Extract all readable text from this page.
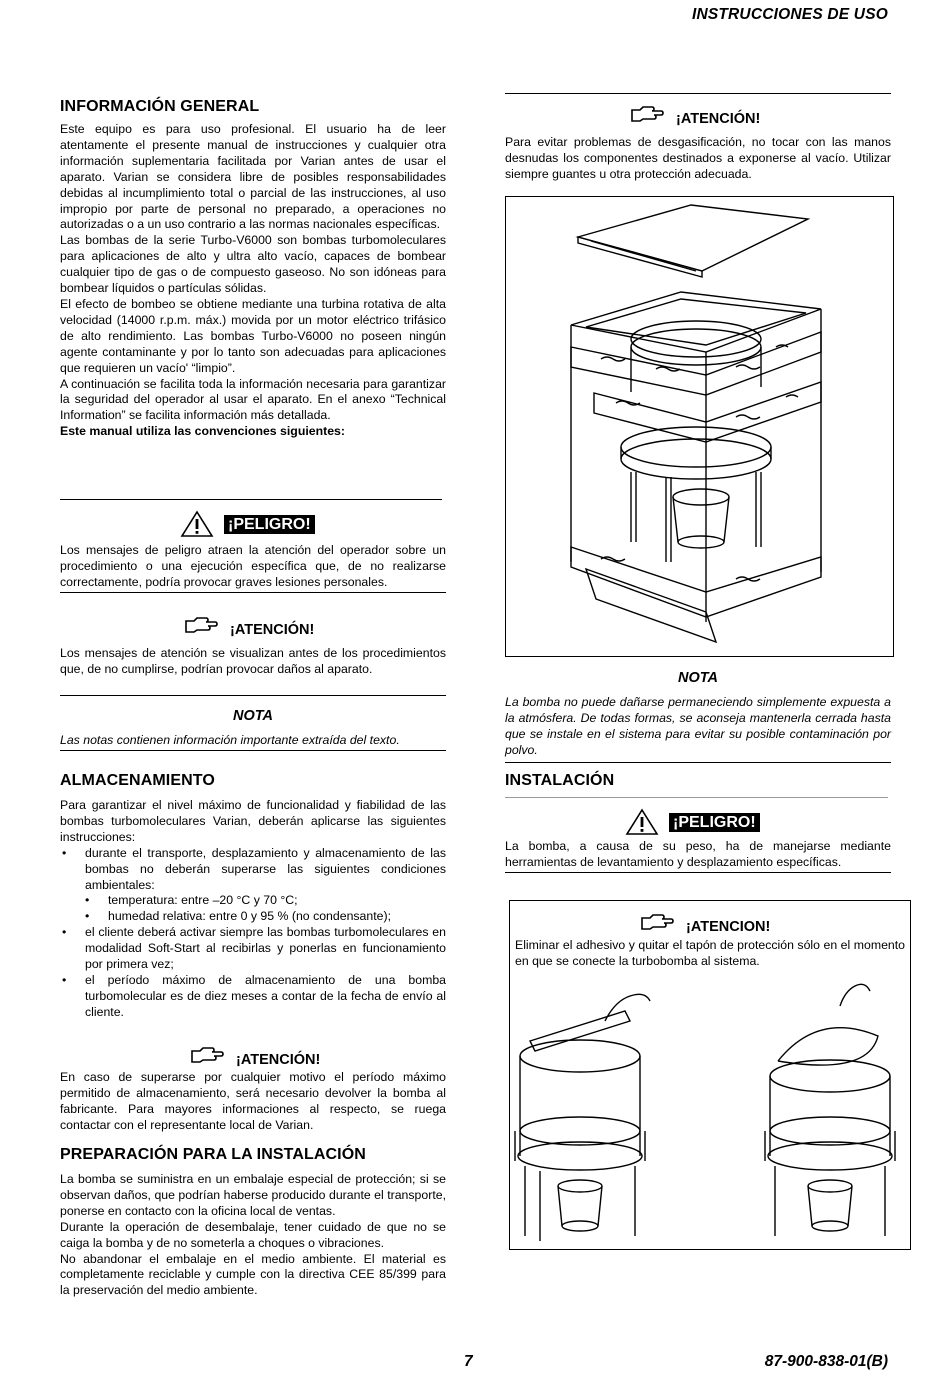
INSTRUCCIONES DE USO
INFORMACIÓN GENERAL

Este equipo es para uso profesional. El usuario ha de leer atentamente el presente manual de instrucciones y cualquier otra información suplementaria facilitada por Varian antes de usar el aparato. Varian se considera libre de posibles responsabilidades debidas al incumplimiento total o parcial de las instrucciones, al uso impropio por parte de personal no preparado, a operaciones no autorizadas o a un uso contrario a las normas nacionales específicas.

Las bombas de la serie Turbo-V6000 son bombas turbomoleculares para aplicaciones de alto y ultra alto vacío, capaces de bombear cualquier tipo de gas o de compuesto gaseoso. No son idóneas para bombear líquidos o partículas sólidas.

El efecto de bombeo se obtiene mediante una turbina rotativa de alta velocidad (14000 r.p.m. máx.) movida por un motor eléctrico trifásico de alto rendimiento. Las bombas Turbo-V6000 no poseen ningún agente contaminante y por lo tanto son adecuadas para aplicaciones que requieren un vacío' “limpio”.

A continuación se facilita toda la información necesaria para garantizar la seguridad del operador al usar el aparato. En el anexo “Technical Information” se facilita información más detallada.

Este manual utiliza las convenciones siguientes:

¡PELIGRO!

Los mensajes de peligro atraen la atención del operador sobre un procedimiento o una ejecución específica que, de no realizarse correctamente, podría provocar graves lesiones personales.

¡ATENCIÓN!

Los mensajes de atención se visualizan antes de los procedimientos que, de no cumplirse, podrían provocar daños al aparato.

NOTA

Las notas contienen información importante extraída del texto.

ALMACENAMIENTO

Para garantizar el nivel máximo de funcionalidad y fiabilidad de las bombas turbomoleculares Varian, deberán aplicarse las siguientes instrucciones:

• durante el transporte, desplazamiento y almacenamiento de las bombas no deberán superarse las siguientes condiciones ambientales:
• temperatura: entre –20 °C y 70 °C;
• humedad relativa: entre 0 y 95 % (no condensante);
• el cliente deberá activar siempre las bombas turbomoleculares en modalidad Soft-Start al recibirlas y ponerlas en funcionamiento por primera vez;
• el período máximo de almacenamiento de una bomba turbomolecular es de diez meses a contar de la fecha de envío al cliente.
¡ATENCIÓN!

En caso de superarse por cualquier motivo el período máximo permitido de almacenamiento, será necesario devolver la bomba al fabricante. Para mayores informaciones al respecto, se ruega contactar con el representante local de Varian.

PREPARACIÓN PARA LA INSTALACIÓN

La bomba se suministra en un embalaje especial de protección; si se observan daños, que podrían haberse producido durante el transporte, ponerse en contacto con la oficina local de ventas.

Durante la operación de desembalaje, tener cuidado de que no se caiga la bomba y de no someterla a choques o vibraciones.

No abandonar el embalaje en el medio ambiente. El material es completamente reciclable y cumple con la directiva CEE 85/399 para la preservación del medio ambiente.

¡ATENCIÓN!

Para evitar problemas de desgasificación, no tocar con las manos desnudas los componentes destinados a exponerse al vacío. Utilizar siempre guantes u otra protección adecuada.

NOTA

La bomba no puede dañarse permaneciendo simplemente expuesta a la atmósfera. De todas formas, se aconseja mantenerla cerrada hasta que se instale en el sistema para evitar su posible contaminación por polvo.

INSTALACIÓN
¡PELIGRO!

La bomba, a causa de su peso, ha de manejarse mediante herramientas de levantamiento y desplazamiento específicas.

¡ATENCION!

Eliminar el adhesivo y quitar el tapón de protección sólo en el momento en que se conecte la turbobomba al sistema.

7	87-900-838-01(B)
